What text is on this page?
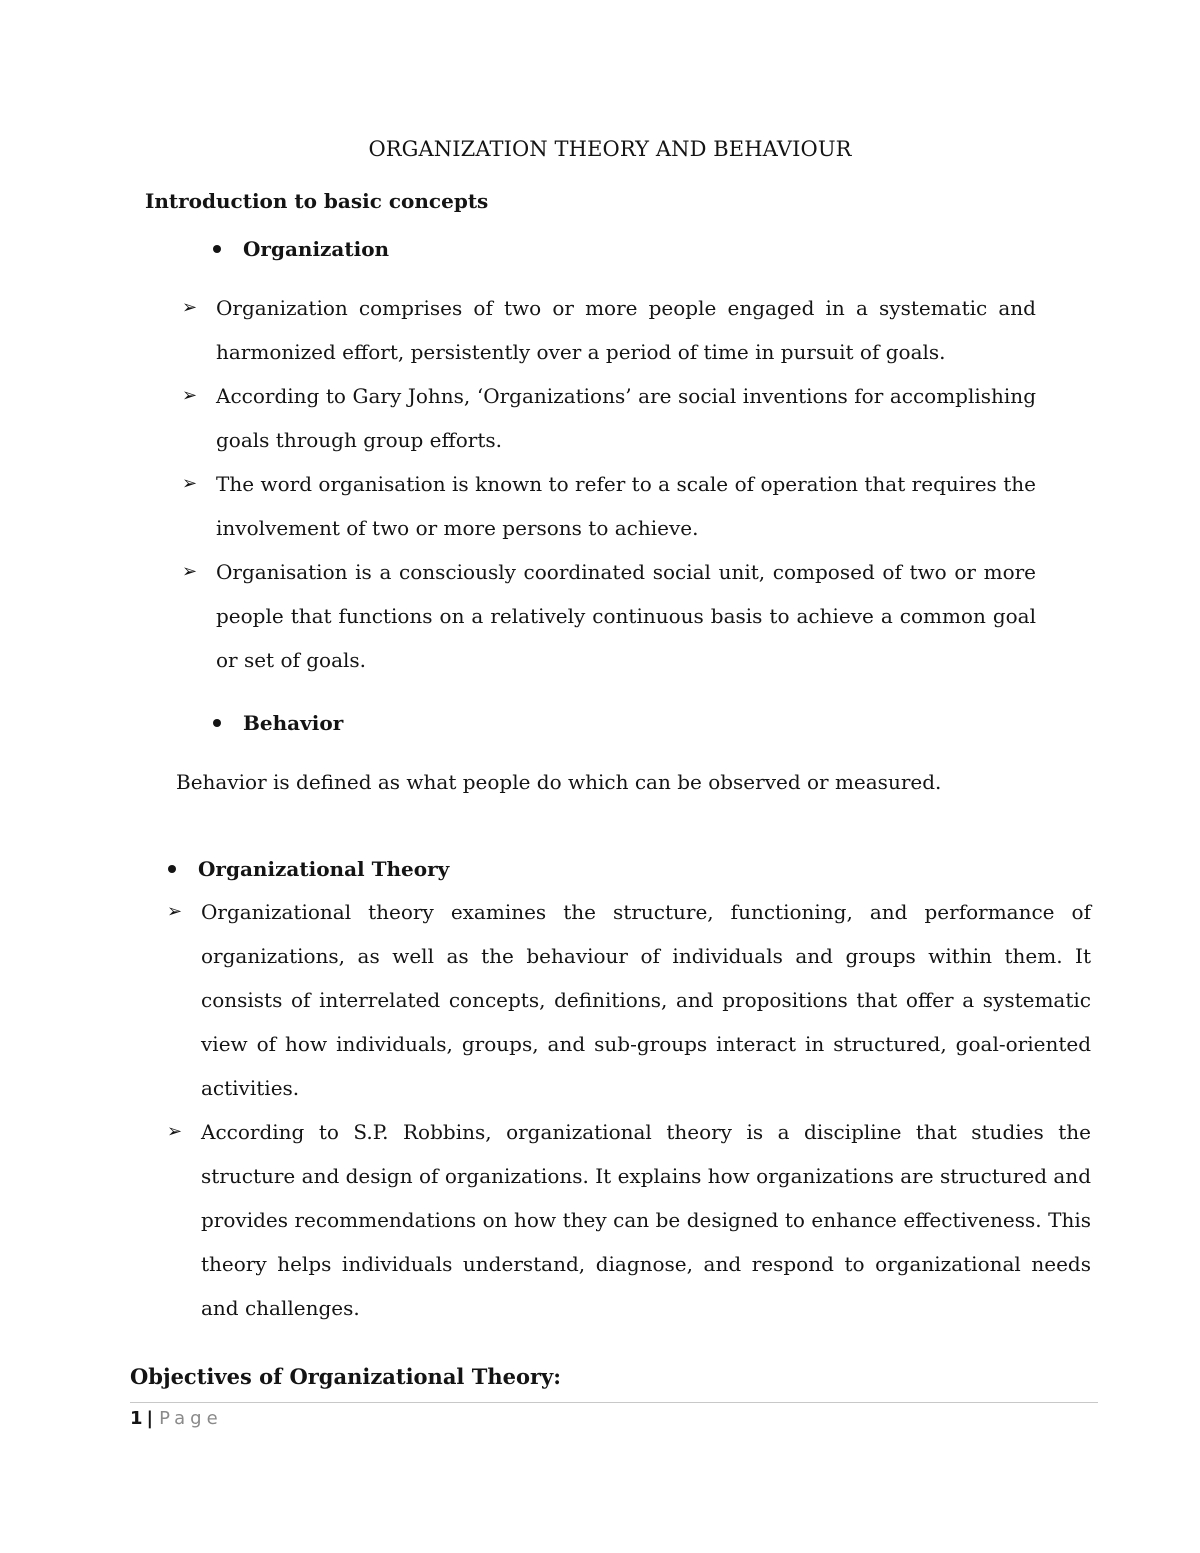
ORGANIZATION THEORY AND BEHAVIOUR
Introduction to basic concepts
Organization
➢ Organization comprises of two or more people engaged in a systematic and harmonized effort, persistently over a period of time in pursuit of goals.
➢ According to Gary Johns, ‘Organizations’ are social inventions for accomplishing goals through group efforts.
➢ The word organisation is known to refer to a scale of operation that requires the involvement of two or more persons to achieve.
➢ Organisation is a consciously coordinated social unit, composed of two or more people that functions on a relatively continuous basis to achieve a common goal or set of goals.
Behavior
Behavior is defined as what people do which can be observed or measured.
Organizational Theory
➢ Organizational theory examines the structure, functioning, and performance of organizations, as well as the behaviour of individuals and groups within them. It consists of interrelated concepts, definitions, and propositions that offer a systematic view of how individuals, groups, and sub-groups interact in structured, goal-oriented activities.
➢ According to S.P. Robbins, organizational theory is a discipline that studies the structure and design of organizations. It explains how organizations are structured and provides recommendations on how they can be designed to enhance effectiveness. This theory helps individuals understand, diagnose, and respond to organizational needs and challenges.
Objectives of Organizational Theory:
1 | Page
